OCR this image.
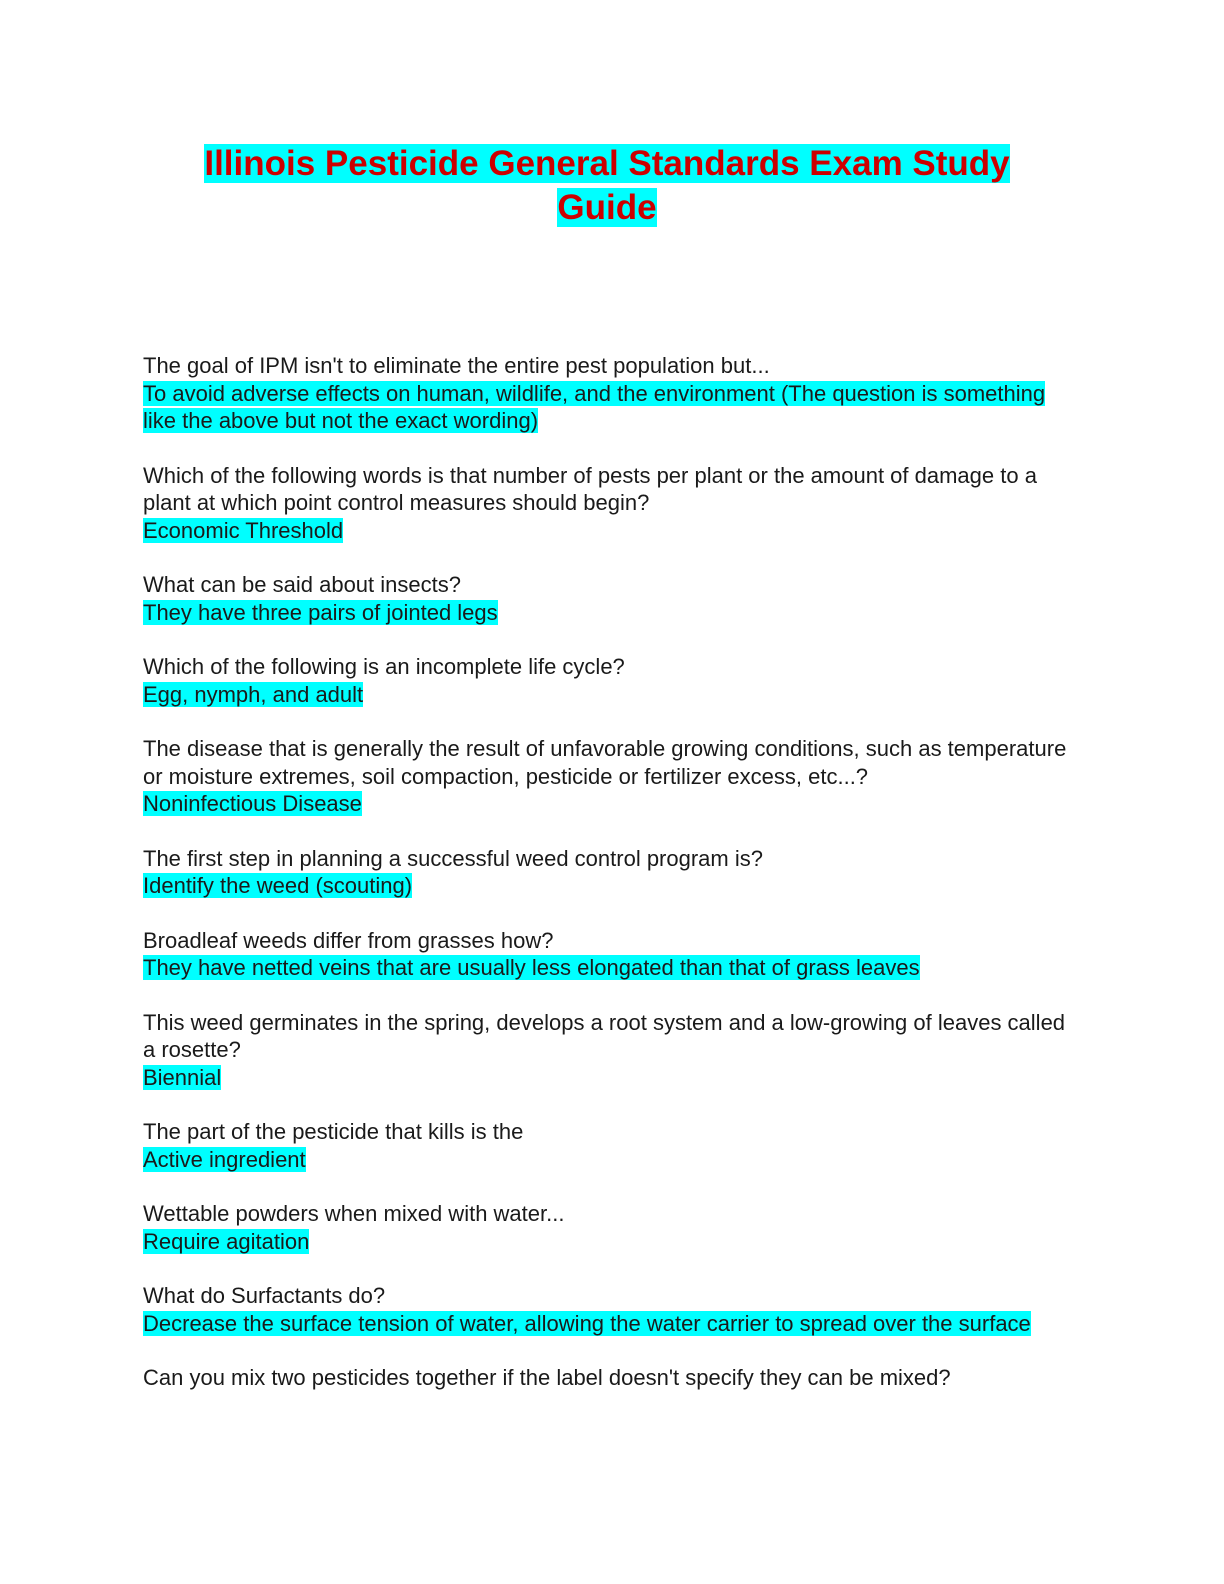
Illinois Pesticide General Standards Exam Study
Guide
The goal of IPM isn't to eliminate the entire pest population but...
To avoid adverse effects on human, wildlife, and the environment (The question is something like the above but not the exact wording)
Which of the following words is that number of pests per plant or the amount of damage to a plant at which point control measures should begin?
Economic Threshold
What can be said about insects?
They have three pairs of jointed legs
Which of the following is an incomplete life cycle?
Egg, nymph, and adult
The disease that is generally the result of unfavorable growing conditions, such as temperature or moisture extremes, soil compaction, pesticide or fertilizer excess, etc...?
Noninfectious Disease
The first step in planning a successful weed control program is?
Identify the weed (scouting)
Broadleaf weeds differ from grasses how?
They have netted veins that are usually less elongated than that of grass leaves
This weed germinates in the spring, develops a root system and a low-growing of leaves called a rosette?
Biennial
The part of the pesticide that kills is the
Active ingredient
Wettable powders when mixed with water...
Require agitation
What do Surfactants do?
Decrease the surface tension of water, allowing the water carrier to spread over the surface
Can you mix two pesticides together if the label doesn't specify they can be mixed?
